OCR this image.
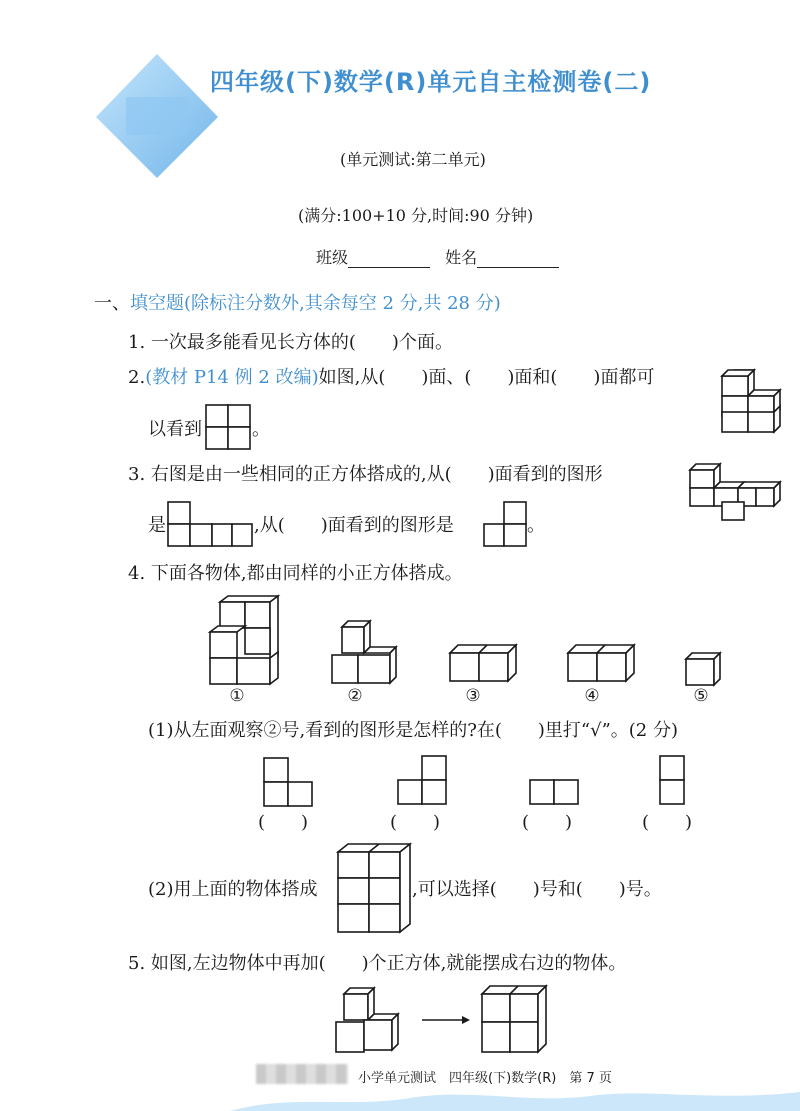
四年级(下)数学(R)单元自主检测卷(二)
(单元测试:第二单元)
(满分:100+10 分,时间:90 分钟)
班级	姓名
一、填空题(除标注分数外,其余每空 2 分,共 28 分)
1. 一次最多能看见长方体的(　　)个面。
2.(教材 P14 例 2 改编)如图,从(　　)面、(　　)面和(　　)面都可
以看到	。
3. 右图是由一些相同的正方体搭成的,从(　　)面看到的图形
是	,从(　　)面看到的图形是	。
4. 下面各物体,都由同样的小正方体搭成。
①	②	③	④	⑤
(1)从左面观察②号,看到的图形是怎样的?在(　　)里打“√”。(2 分)
(　　)	(　　)	(　　)	(　　)
(2)用上面的物体搭成	,可以选择(　　)号和(　　)号。
5. 如图,左边物体中再加(　　)个正方体,就能摆成右边的物体。
小学单元测试　四年级(下)数学(R)　第 7 页
